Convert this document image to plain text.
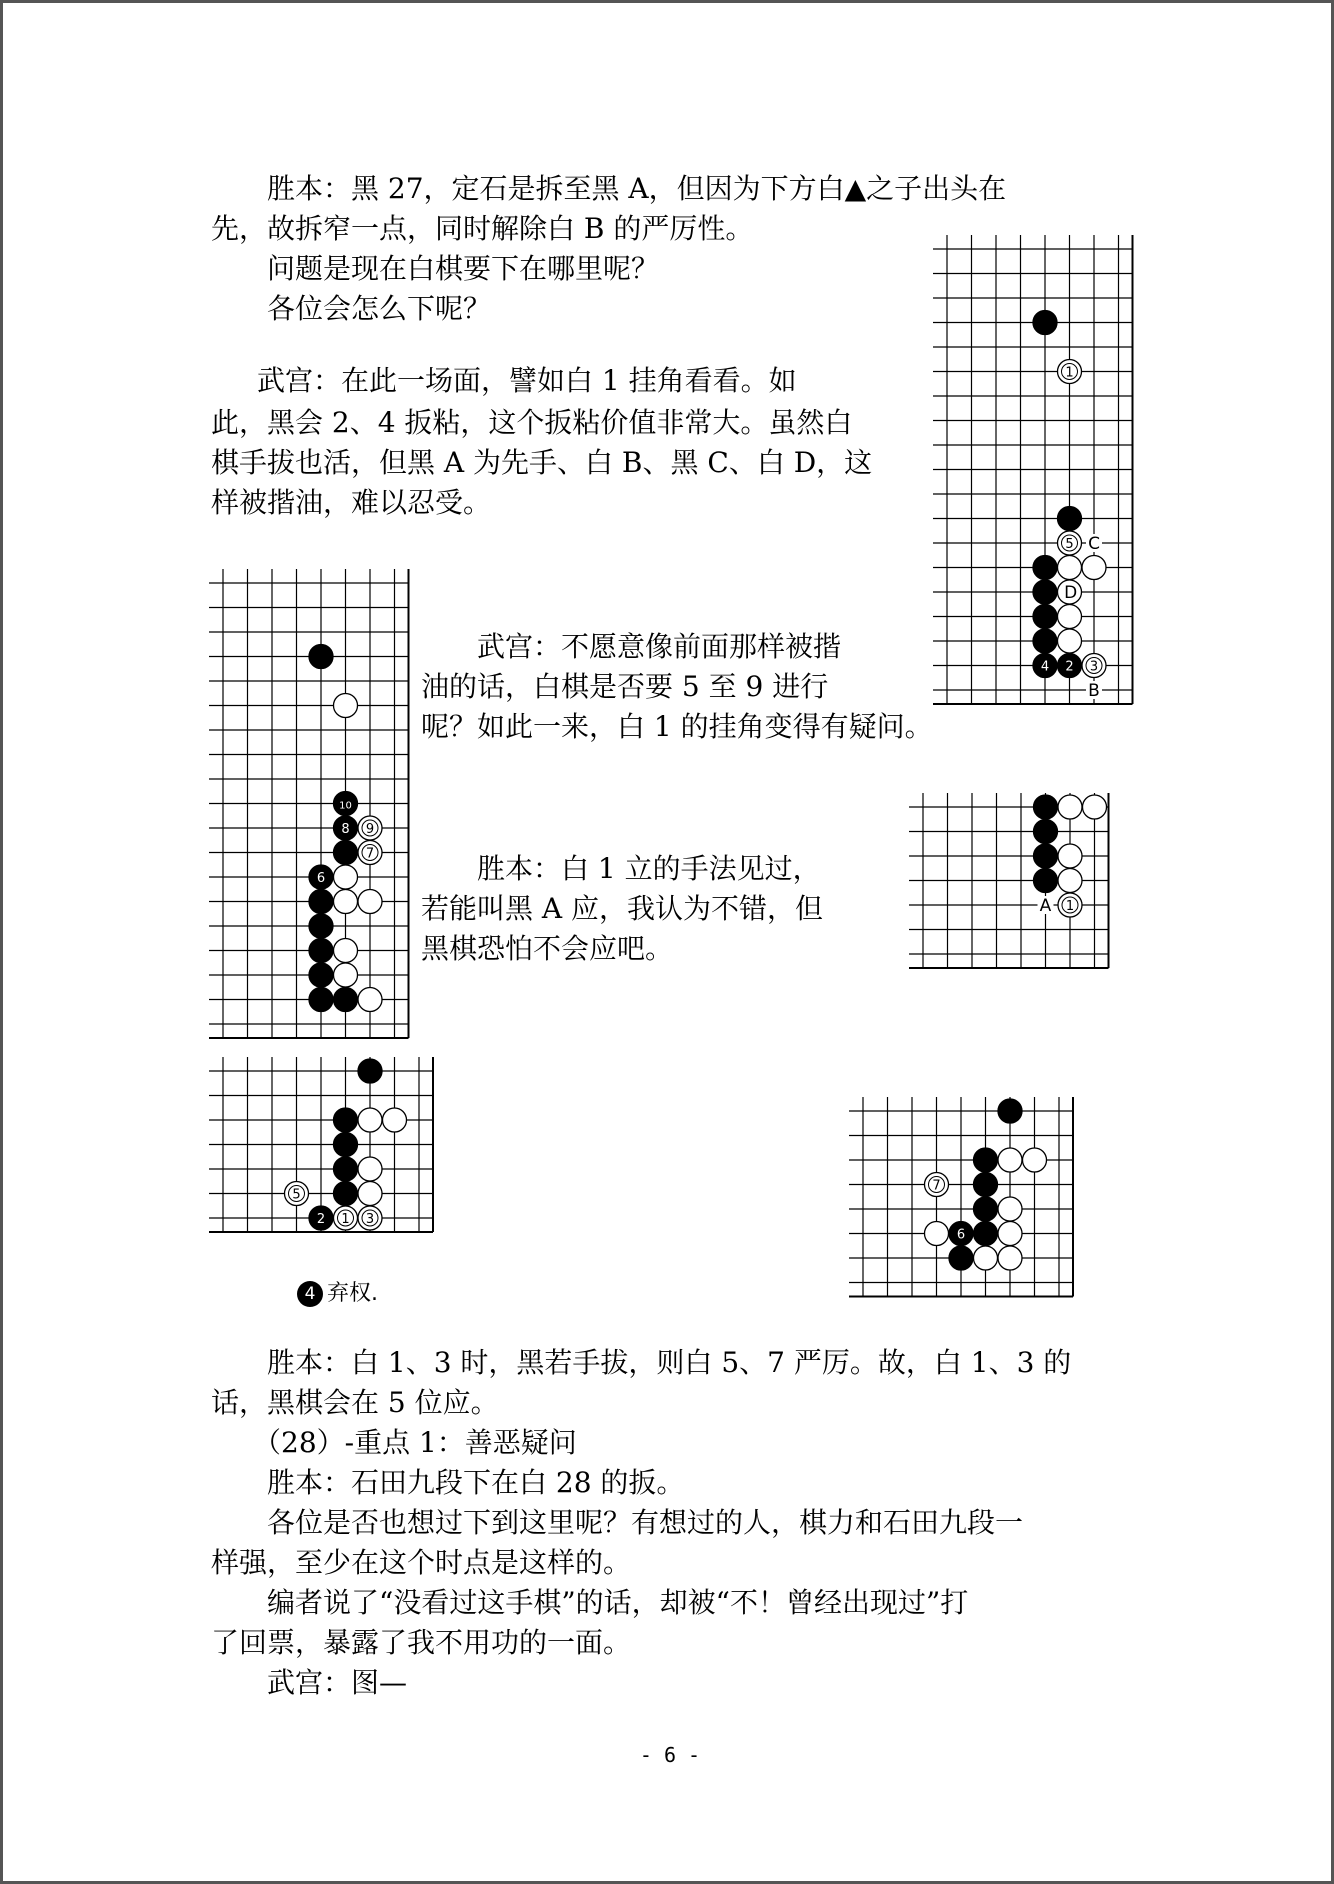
　　胜本：黑 27，定石是拆至黑 A，但因为下方白▲之子出头在
先，故拆窄一点，同时解除白 B 的严厉性。
　　问题是现在白棋要下在哪里呢？
　　各位会怎么下呢？
　　武宫：在此一场面，譬如白 1 挂角看看。如
此，黑会 2、4 扳粘，这个扳粘价值非常大。虽然白
棋手拔也活，但黑 A 为先手、白 B、黑 C、白 D，这
样被揩油，难以忍受。
　　武宫：不愿意像前面那样被揩
油的话，白棋是否要 5 至 9 进行
呢？如此一来，白 1 的挂角变得有疑问。
　　胜本：白 1 立的手法见过，
若能叫黑 A 应，我认为不错，但
黑棋恐怕不会应吧。
　　胜本：白 1、3 时，黑若手拔，则白 5、7 严厉。故，白 1、3 的
话，黑棋会在 5 位应。
　　（28）-重点 1：善恶疑问
　　胜本：石田九段下在白 28 的扳。
　　各位是否也想过下到这里呢？有想过的人，棋力和石田九段一
样强，至少在这个时点是这样的。
　　编者说了“没看过这手棋”的话，却被“不！曾经出现过”打
了回票，暴露了我不用功的一面。
　　武宫：图—
1
5
4 2 3
C
D
B
10
8 9
7
6
1
A
5
2 1 3
7
6
4 弃权.
- 6 -
